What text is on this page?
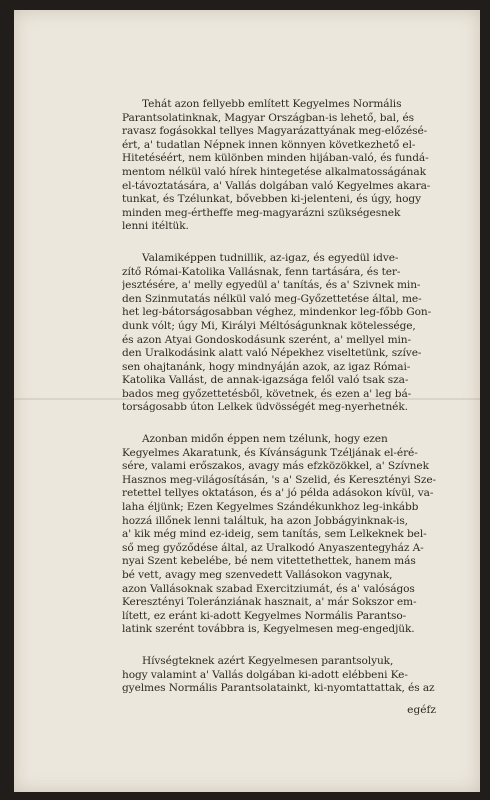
Tehát azon fellyebb említett Kegyelmes Normális
Parantsolatinknak, Magyar Országban-is lehető, bal, és
ravasz fogásokkal tellyes Magyarázattyának meg-előzésé-
ért, a' tudatlan Népnek innen könnyen következhető el-
Hitetéséért, nem különben minden hijában-való, és fundá-
mentom nélkül való hírek hintegetése alkalmatosságának
el-távoztatására, a' Vallás dolgában való Kegyelmes akara-
tunkat, és Tzélunkat, bővebben ki-jelenteni, és úgy, hogy
minden meg-értheffe meg-magyarázni szükségesnek
lenni itéltük.
Valamiképpen tudnillik, az-igaz, és egyedül idve-
zítő Római-Katolika Vallásnak, fenn tartására, és ter-
jesztésére, a' melly egyedül a' tanítás, és a' Szivnek min-
den Szinmutatás nélkül való meg-Győzettetése által, me-
het leg-bátorságosabban véghez, mindenkor leg-főbb Gon-
dunk vólt; úgy Mi, Királyi Méltóságunknak kötelessége,
és azon Atyai Gondoskodásunk szerént, a' mellyel min-
den Uralkodásink alatt való Népekhez viseltetünk, szíve-
sen ohajtanánk, hogy mindnyáján azok, az igaz Római-
Katolika Vallást, de annak-igazsága felől való tsak sza-
bados meg győzettetésből, követnek, és ezen a' leg bá-
torságosabb úton Lelkek üdvösségét meg-nyerhetnék.
Azonban midőn éppen nem tzélunk, hogy ezen
Kegyelmes Akaratunk, és Kívánságunk Tzéljának el-éré-
sére, valami erőszakos, avagy más efzközökkel, a' Szívnek
Hasznos meg-világosításán, 's a' Szelid, és Keresztényi Sze-
retettel tellyes oktatáson, és a' jó példa adásokon kívül, va-
laha éljünk; Ezen Kegyelmes Szándékunkhoz leg-inkább
hozzá illőnek lenni találtuk, ha azon Jobbágyinknak-is,
a' kik még mind ez-ideig, sem tanítás, sem Lelkeknek bel-
ső meg győződése által, az Uralkodó Anyaszentegyház A-
nyai Szent kebelébe, bé nem vitettethettek, hanem más
bé vett, avagy meg szenvedett Vallásokon vagynak,
azon Vallásoknak szabad Exercitziumát, és a' valóságos
Keresztényi Toleránziának hasznait, a' már Sokszor em-
lített, ez eránt ki-adott Kegyelmes Normális Parantso-
latink szerént továbbra is, Kegyelmesen meg-engedjük.
Hívségteknek azért Kegyelmesen parantsolyuk,
hogy valamint a' Vallás dolgában ki-adott elébbeni Ke-
gyelmes Normális Parantsolatainkt, ki-nyomtattattak, és az
egéfz
